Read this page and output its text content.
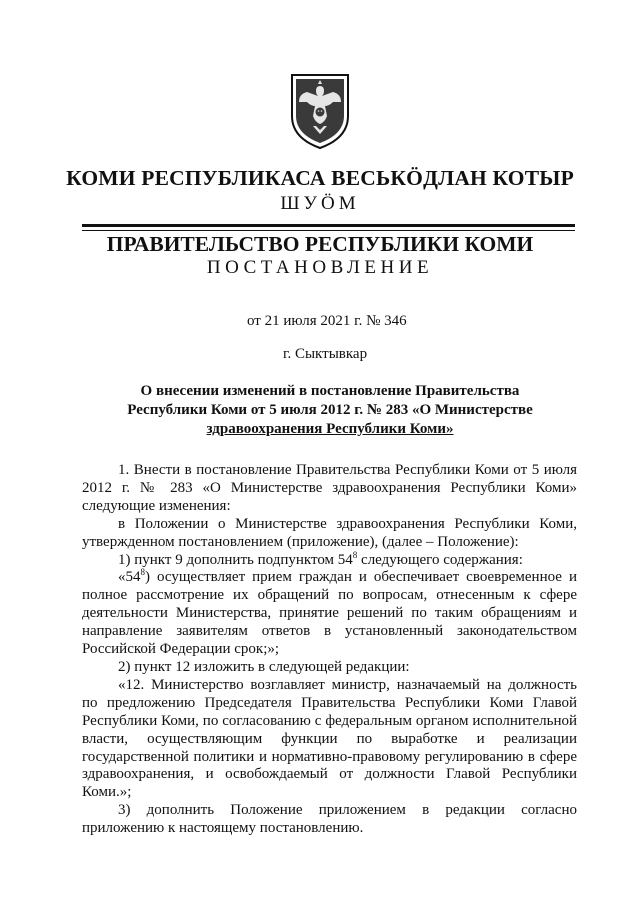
КОМИ РЕСПУБЛИКАСА ВЕСЬКÖДЛАН КОТЫР
ШУÖМ
ПРАВИТЕЛЬСТВО РЕСПУБЛИКИ КОМИ
ПОСТАНОВЛЕНИЕ
от 21 июля 2021 г. № 346
г. Сыктывкар
О внесении изменений в постановление Правительства
Республики Коми от 5 июля 2012 г. № 283 «О Министерстве
здравоохранения Республики Коми»

1. Внести в постановление Правительства Республики Коми от 5 июля 2012 г. № 283 «О Министерстве здравоохранения Республики Коми» следующие изменения:

в Положении о Министерстве здравоохранения Республики Коми, утвержденном постановлением (приложение), (далее – Положение):

1) пункт 9 дополнить подпунктом $54^8$ следующего содержания:

«$54^8$) осуществляет прием граждан и обеспечивает своевременное и полное рассмотрение их обращений по вопросам, отнесенным к сфере деятельности Министерства, принятие решений по таким обращениям и направление заявителям ответов в установленный законодательством Российской Федерации срок;»;

2) пункт 12 изложить в следующей редакции:

«12. Министерство возглавляет министр, назначаемый на должность по предложению Председателя Правительства Республики Коми Главой Республики Коми, по согласованию с федеральным органом исполнительной власти, осуществляющим функции по выработке и реализации государственной политики и нормативно-правовому регулированию в сфере здравоохранения, и освобождаемый от должности Главой Республики Коми.»;

3) дополнить Положение приложением в редакции согласно приложению к настоящему постановлению.
